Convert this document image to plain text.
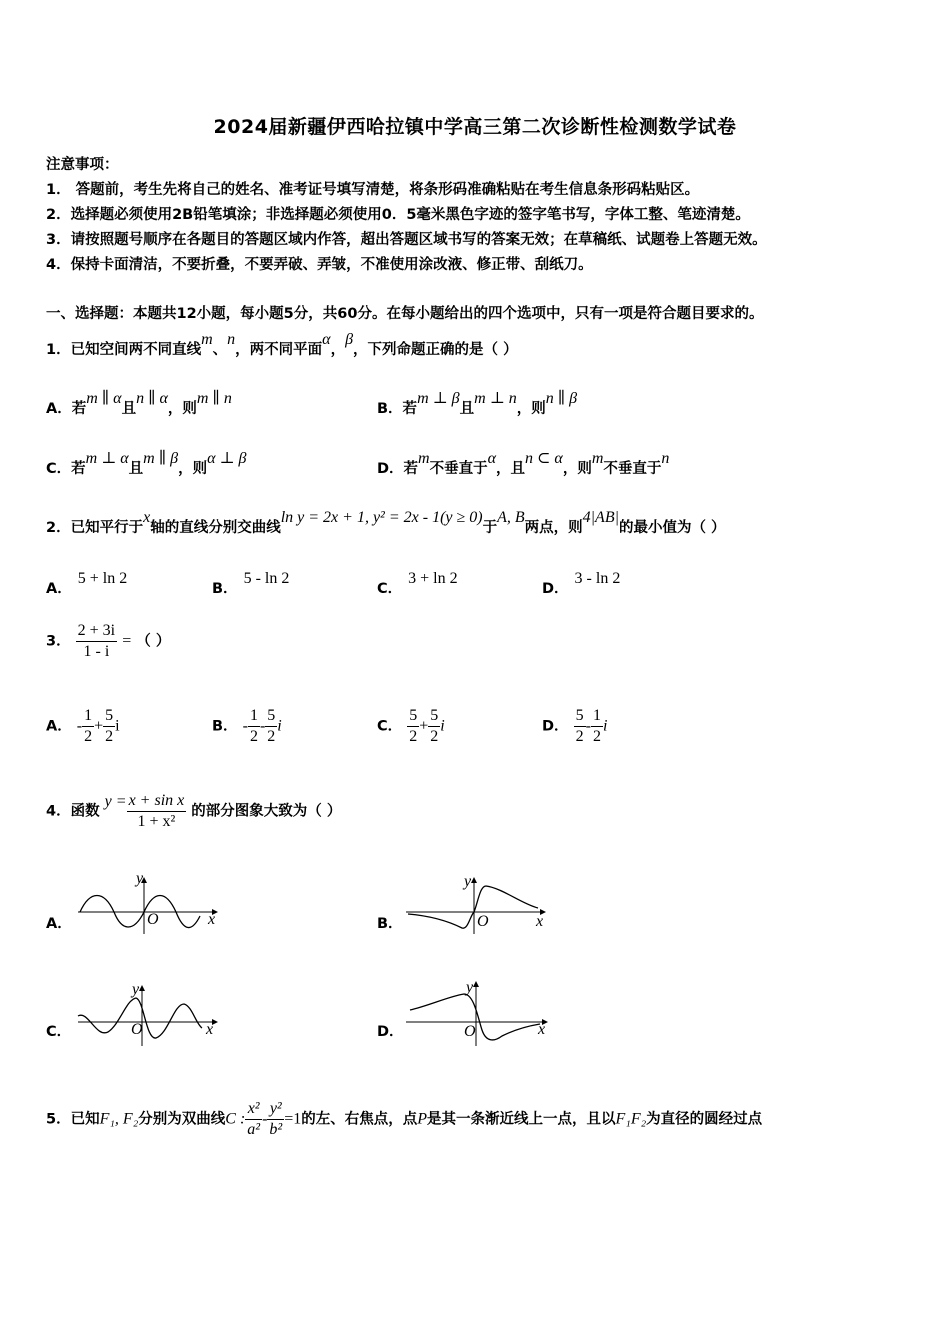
2024届新疆伊西哈拉镇中学高三第二次诊断性检测数学试卷
注意事项：
1． 答题前，考生先将自己的姓名、准考证号填写清楚，将条形码准确粘贴在考生信息条形码粘贴区。
2．选择题必须使用2B铅笔填涂；非选择题必须使用0．5毫米黑色字迹的签字笔书写，字体工整、笔迹清楚。
3．请按照题号顺序在各题目的答题区域内作答，超出答题区域书写的答案无效；在草稿纸、试题卷上答题无效。
4．保持卡面清洁，不要折叠，不要弄破、弄皱，不准使用涂改液、修正带、刮纸刀。
一、选择题：本题共12小题，每小题5分，共60分。在每小题给出的四个选项中，只有一项是符合题目要求的。
1．已知空间两不同直线m、n，两不同平面α，β，下列命题正确的是（ ）
A．若m ∥ α且n ∥ α，则m ∥ n
B．若m ⊥ β且m ⊥ n，则n ∥ β
C．若m ⊥ α且m ∥ β，则α ⊥ β
D．若m不垂直于α，且n ⊂ α，则m不垂直于n
2．已知平行于x轴的直线分别交曲线ln y = 2x + 1, y² = 2x - 1(y ≥ 0)于A, B两点，则4|AB|的最小值为（ ）
A．5 + ln 2
B．5 - ln 2
C．3 + ln 2
D．3 - ln 2
3． $\frac{2 + 3i}{1 - i}$ = （ ）
A． - $\frac{1}{2} + \frac{5}{2}$ i	B． - $\frac{1}{2} - \frac{5}{2}$ i	C． $\frac{5}{2} + \frac{5}{2}$ i	D． $\frac{5}{2} - \frac{1}{2}$ i
4．函数 $y = \frac{\text{x + sin x}}{\text{1 + x²}}$ 的部分图象大致为（ ）
A．
y
O	x	B．
y
O	x
C．
y
O	x	D．
y
O	x
5．已知F₁, F₂分别为双曲线C : $\frac{\text{x²}}{\text{a²}} - \frac{\text{y²}}{\text{b²}} =1$的左、右焦点，点P是其一条渐近线上一点，且以F₁F₂为直径的圆经过点
